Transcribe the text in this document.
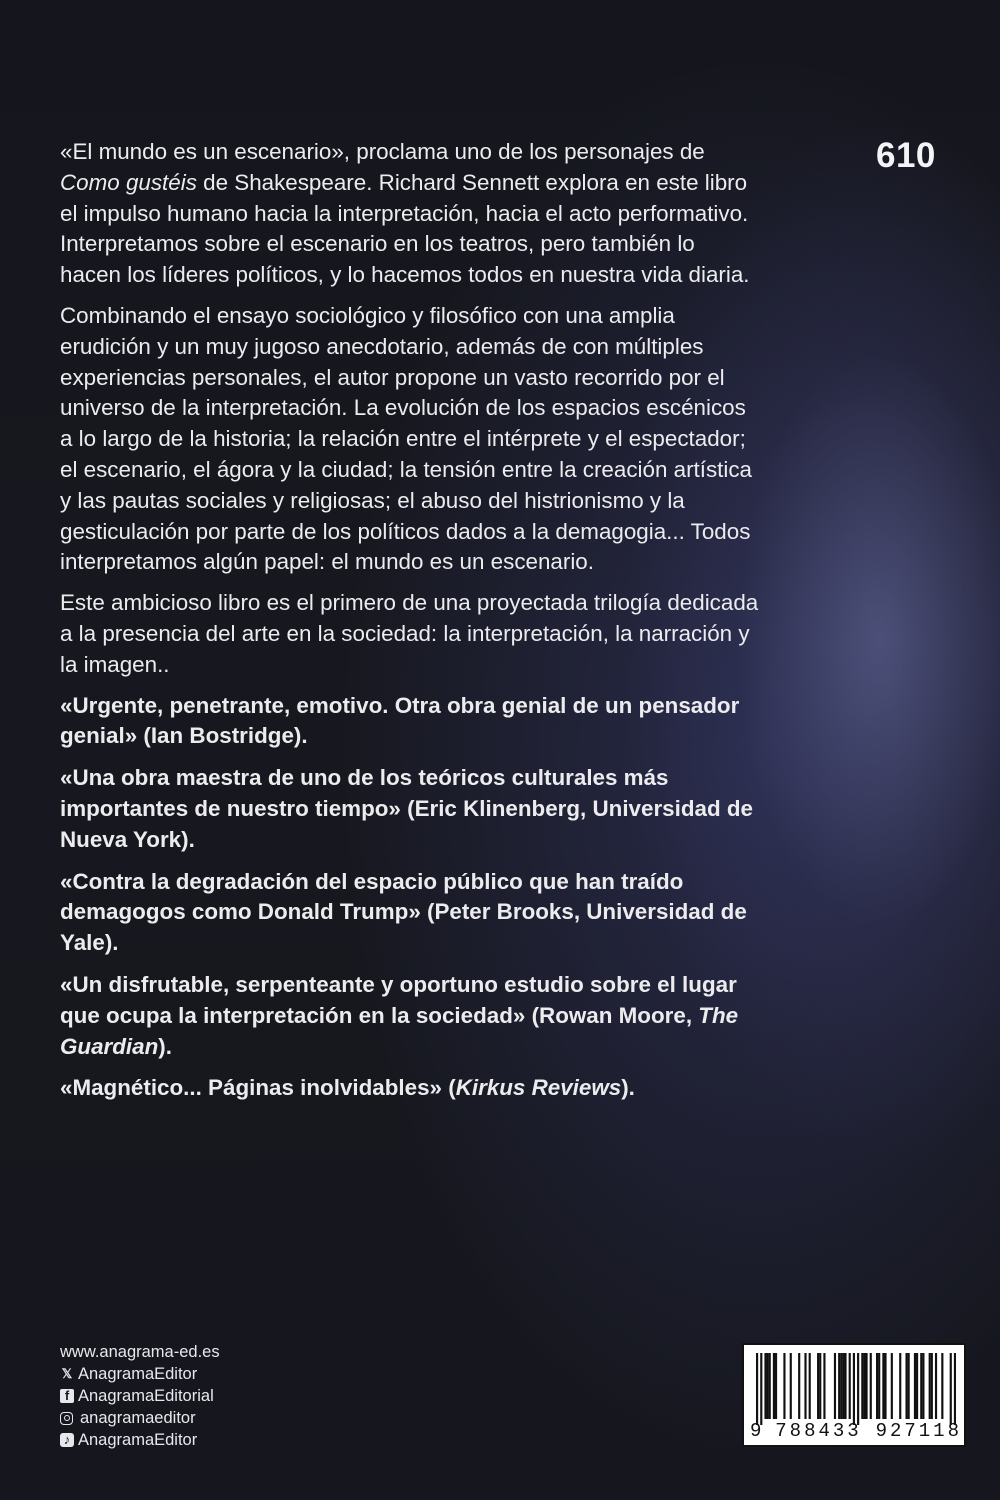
610

«El mundo es un escenario», proclama uno de los personajes de Como gustéis de Shakespeare. Richard Sennett explora en este libro el impulso humano hacia la interpretación, hacia el acto performativo. Interpretamos sobre el escenario en los teatros, pero también lo hacen los líderes políticos, y lo hacemos todos en nuestra vida diaria.

Combinando el ensayo sociológico y filosófico con una amplia erudición y un muy jugoso anecdotario, además de con múltiples experiencias personales, el autor propone un vasto recorrido por el universo de la interpretación. La evolución de los espacios escénicos a lo largo de la historia; la relación entre el intérprete y el espectador; el escenario, el ágora y la ciudad; la tensión entre la creación artística y las pautas sociales y religiosas; el abuso del histrionismo y la gesticulación por parte de los políticos dados a la demagogia... Todos interpretamos algún papel: el mundo es un escenario.

Este ambicioso libro es el primero de una proyectada trilogía dedicada a la presencia del arte en la sociedad: la interpretación, la narración y la imagen..

«Urgente, penetrante, emotivo. Otra obra genial de un pensador genial» (Ian Bostridge).

«Una obra maestra de uno de los teóricos culturales más importantes de nuestro tiempo» (Eric Klinenberg, Universidad de Nueva York).

«Contra la degradación del espacio público que han traído demagogos como Donald Trump» (Peter Brooks, Universidad de Yale).

«Un disfrutable, serpenteante y oportuno estudio sobre el lugar que ocupa la interpretación en la sociedad» (Rowan Moore, The Guardian).

«Magnético... Páginas inolvidables» (Kirkus Reviews).

www.anagrama-ed.es
𝕏 AnagramaEditor
f AnagramaEditorial
anagramaeditor
♪ AnagramaEditor	9 788433 927118
